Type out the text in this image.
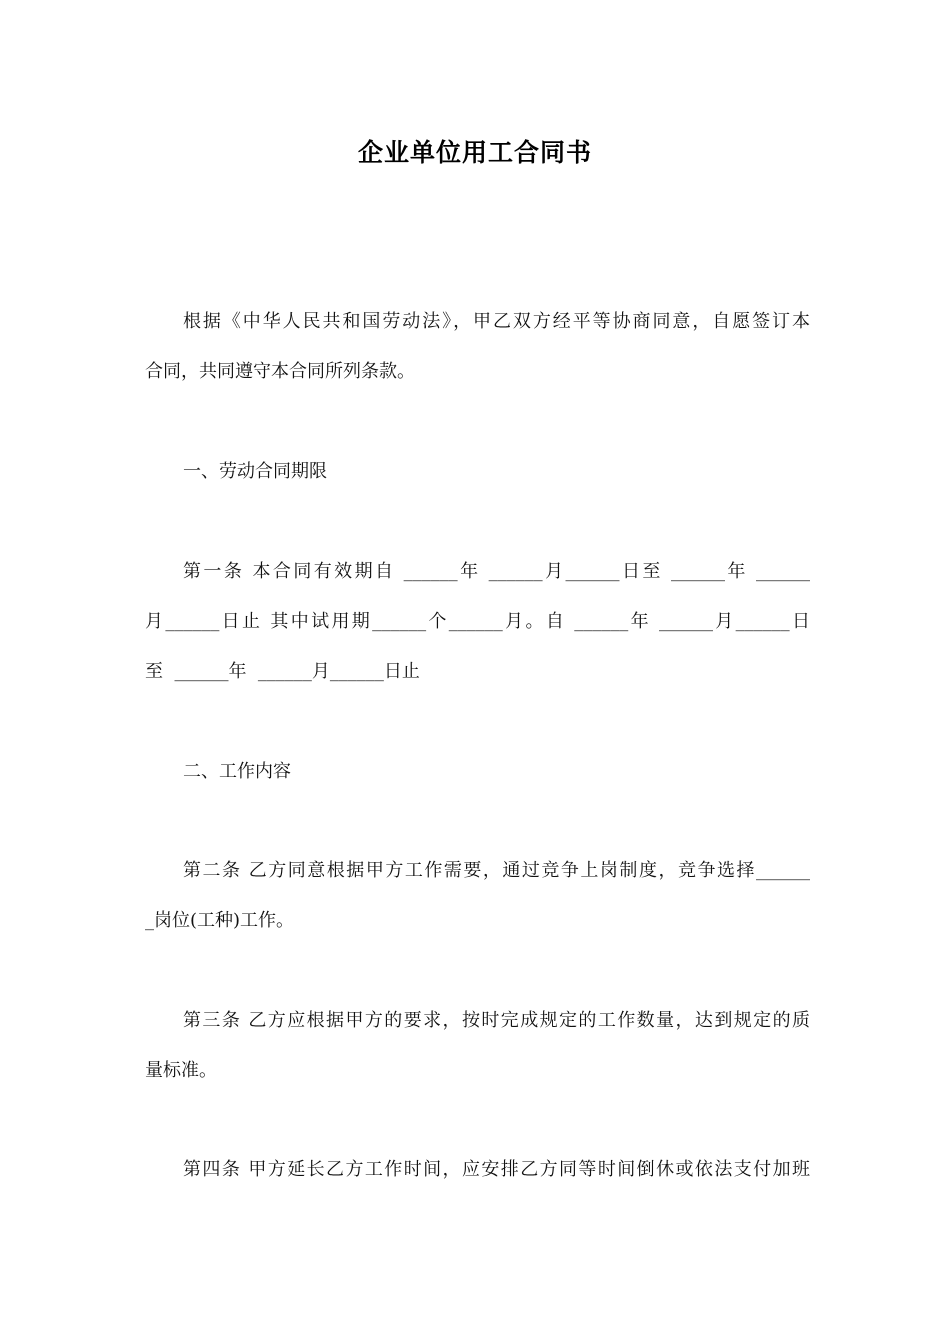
企业单位用工合同书
根据《中华人民共和国劳动法》，甲乙双方经平等协商同意，自愿签订本
合同，共同遵守本合同所列条款。
一、劳动合同期限
第一条 本合同有效期自 ______年 ______月______日至 ______年 ______
月______日止 其中试用期______个______月。自 ______年 ______月______日
至  ______年  ______月______日止
二、工作内容
第二条 乙方同意根据甲方工作需要，通过竞争上岗制度，竞争选择______
_岗位(工种)工作。
第三条 乙方应根据甲方的要求，按时完成规定的工作数量，达到规定的质
量标准。
第四条 甲方延长乙方工作时间，应安排乙方同等时间倒休或依法支付加班
